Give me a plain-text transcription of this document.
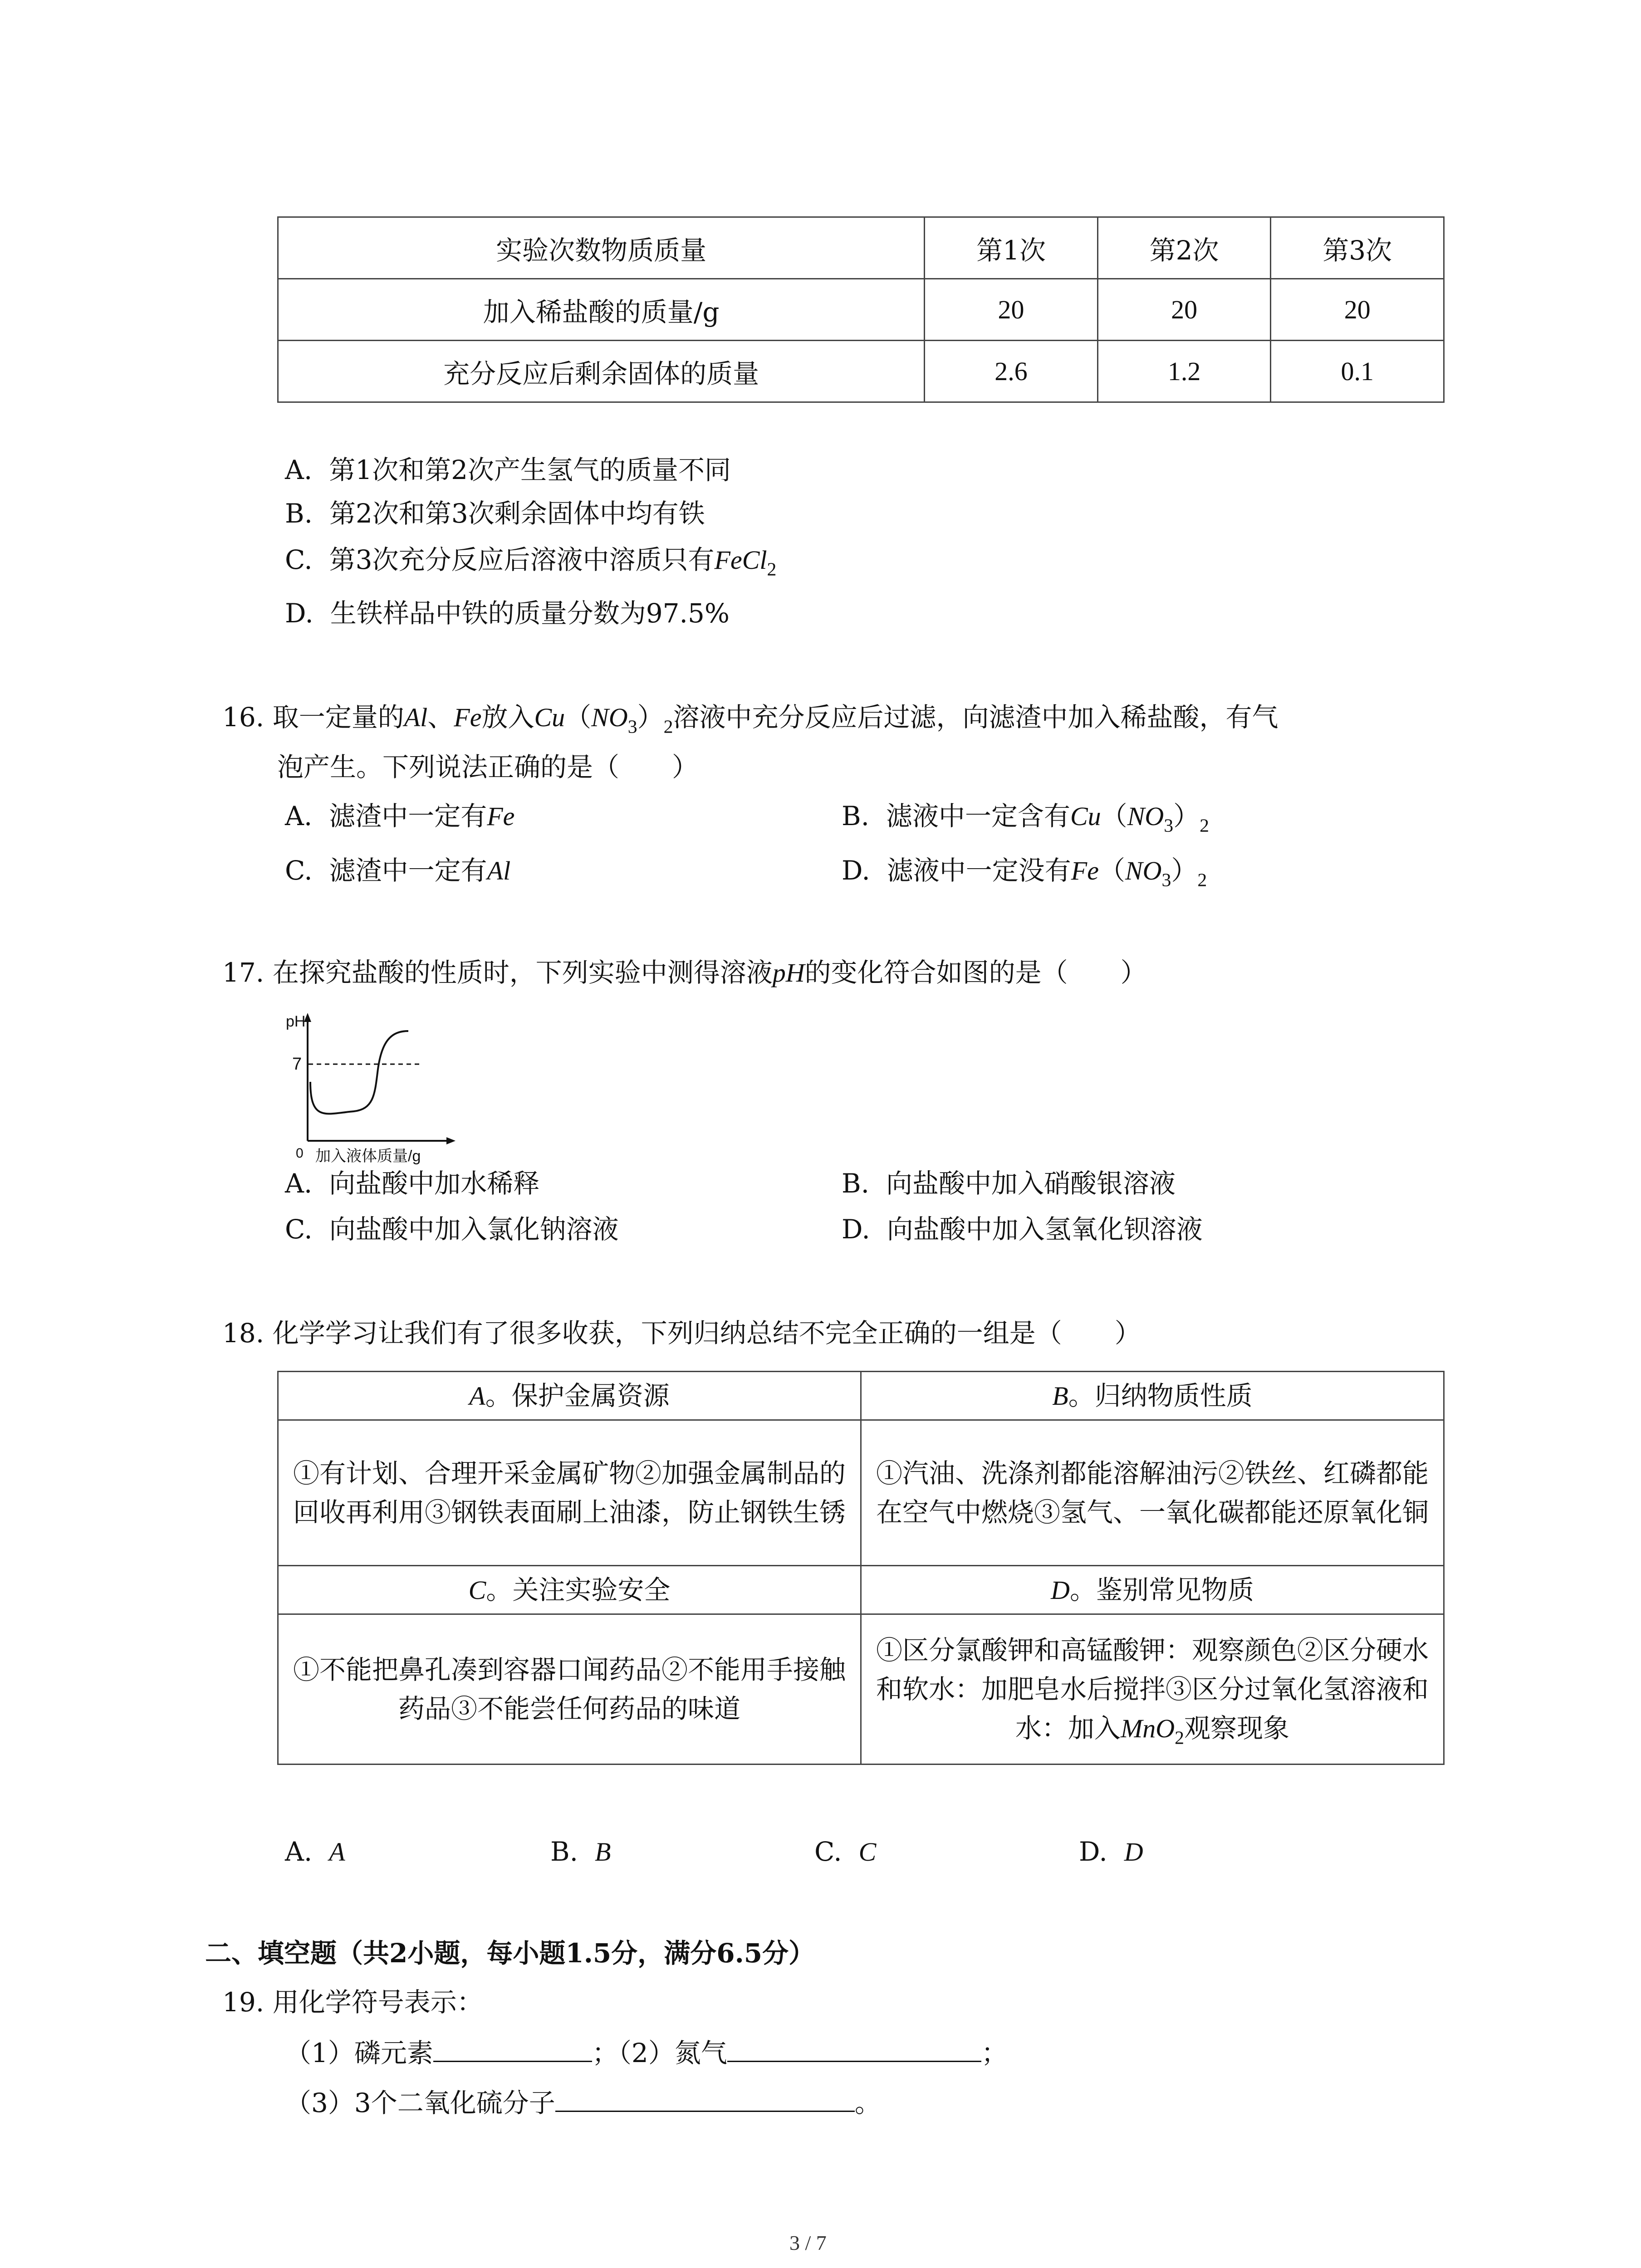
实验次数物质质量	第1次	第2次	第3次
加入稀盐酸的质量/g	20	20	20
充分反应后剩余固体的质量	2.6	1.2	0.1
A. 第1次和第2次产生氢气的质量不同
B. 第2次和第3次剩余固体中均有铁
C. 第3次充分反应后溶液中溶质只有FeCl$_2$
D. 生铁样品中铁的质量分数为97.5%
16. 取一定量的Al、Fe放入$Cu(NO_3)_2$溶液中充分反应后过滤，向滤渣中加入稀盐酸，有气
泡产生。下列说法正确的是（　　）
A. 滤渣中一定有Fe	B. 滤液中一定含有$Cu(NO_3)_2$
C. 滤渣中一定有Al	D. 滤液中一定没有$Fe(NO_3)_2$
17. 在探究盐酸的性质时，下列实验中测得溶液pH的变化符合如图的是（　　）
pH
7
0 加入液体质量/g
A. 向盐酸中加水稀释	B. 向盐酸中加入硝酸银溶液
C. 向盐酸中加入氯化钠溶液	D. 向盐酸中加入氢氧化钡溶液
18. 化学学习让我们有了很多收获，下列归纳总结不完全正确的一组是（　　）
A。保护金属资源	B。归纳物质性质
①有计划、合理开采金属矿物②加强金属制品的回收再利用③钢铁表面刷上油漆，防止钢铁生锈	①汽油、洗涤剂都能溶解油污②铁丝、红磷都能在空气中燃烧③氢气、一氧化碳都能还原氧化铜
C。关注实验安全	D。鉴别常见物质
①不能把鼻孔凑到容器口闻药品②不能用手接触药品③不能尝任何药品的味道	①区分氯酸钾和高锰酸钾：观察颜色②区分硬水和软水：加肥皂水后搅拌③区分过氧化氢溶液和水：加入MnO$_2$观察现象
A. A	B. B	C. C	D. D
二、填空题（共2小题，每小题1.5分，满分6.5分）
19. 用化学符号表示：
（1）磷元素	；（2）氮气	；
（3）3个二氧化硫分子	。
3 / 7
